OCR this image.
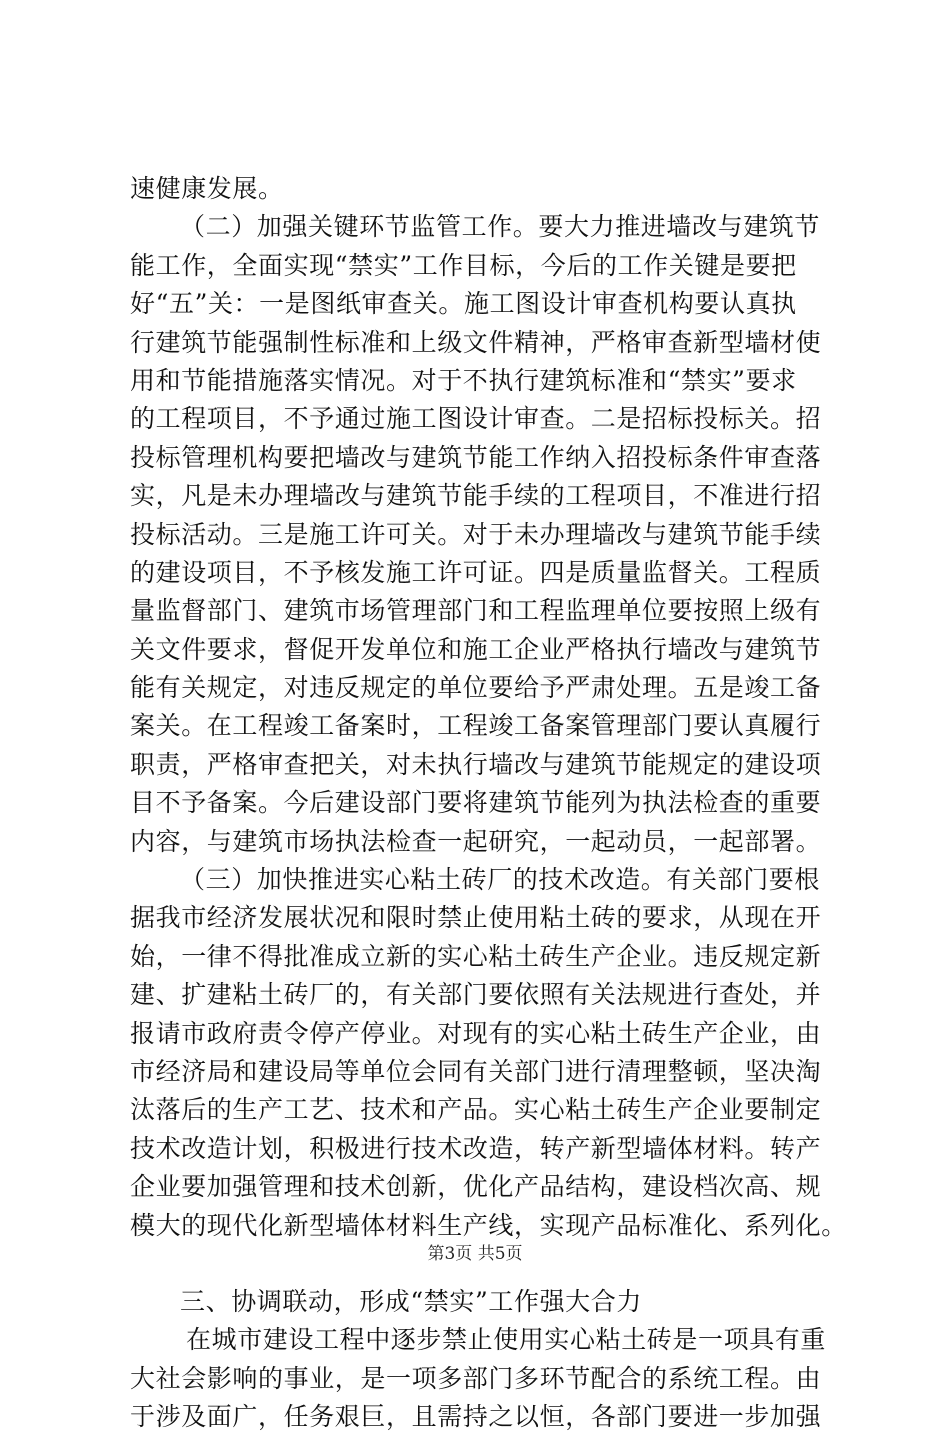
速健康发展。
（二）加强关键环节监管工作。要大力推进墙改与建筑节
能工作，全面实现“禁实”工作目标，今后的工作关键是要把
好“五”关：一是图纸审查关。施工图设计审查机构要认真执
行建筑节能强制性标准和上级文件精神，严格审查新型墙材使
用和节能措施落实情况。对于不执行建筑标准和“禁实”要求
的工程项目，不予通过施工图设计审查。二是招标投标关。招
投标管理机构要把墙改与建筑节能工作纳入招投标条件审查落
实，凡是未办理墙改与建筑节能手续的工程项目，不准进行招
投标活动。三是施工许可关。对于未办理墙改与建筑节能手续
的建设项目，不予核发施工许可证。四是质量监督关。工程质
量监督部门、建筑市场管理部门和工程监理单位要按照上级有
关文件要求，督促开发单位和施工企业严格执行墙改与建筑节
能有关规定，对违反规定的单位要给予严肃处理。五是竣工备
案关。在工程竣工备案时，工程竣工备案管理部门要认真履行
职责，严格审查把关，对未执行墙改与建筑节能规定的建设项
目不予备案。今后建设部门要将建筑节能列为执法检查的重要
内容，与建筑市场执法检查一起研究，一起动员，一起部署。
（三）加快推进实心粘土砖厂的技术改造。有关部门要根
据我市经济发展状况和限时禁止使用粘土砖的要求，从现在开
始，一律不得批准成立新的实心粘土砖生产企业。违反规定新
建、扩建粘土砖厂的，有关部门要依照有关法规进行查处，并
报请市政府责令停产停业。对现有的实心粘土砖生产企业，由
市经济局和建设局等单位会同有关部门进行清理整顿，坚决淘
汰落后的生产工艺、技术和产品。实心粘土砖生产企业要制定
技术改造计划，积极进行技术改造，转产新型墙体材料。转产
企业要加强管理和技术创新，优化产品结构，建设档次高、规
模大的现代化新型墙体材料生产线，实现产品标准化、系列化。
三、协调联动，形成“禁实”工作强大合力
在城市建设工程中逐步禁止使用实心粘土砖是一项具有重
大社会影响的事业，是一项多部门多环节配合的系统工程。由
于涉及面广，任务艰巨，且需持之以恒，各部门要进一步加强
第3页 共5页
